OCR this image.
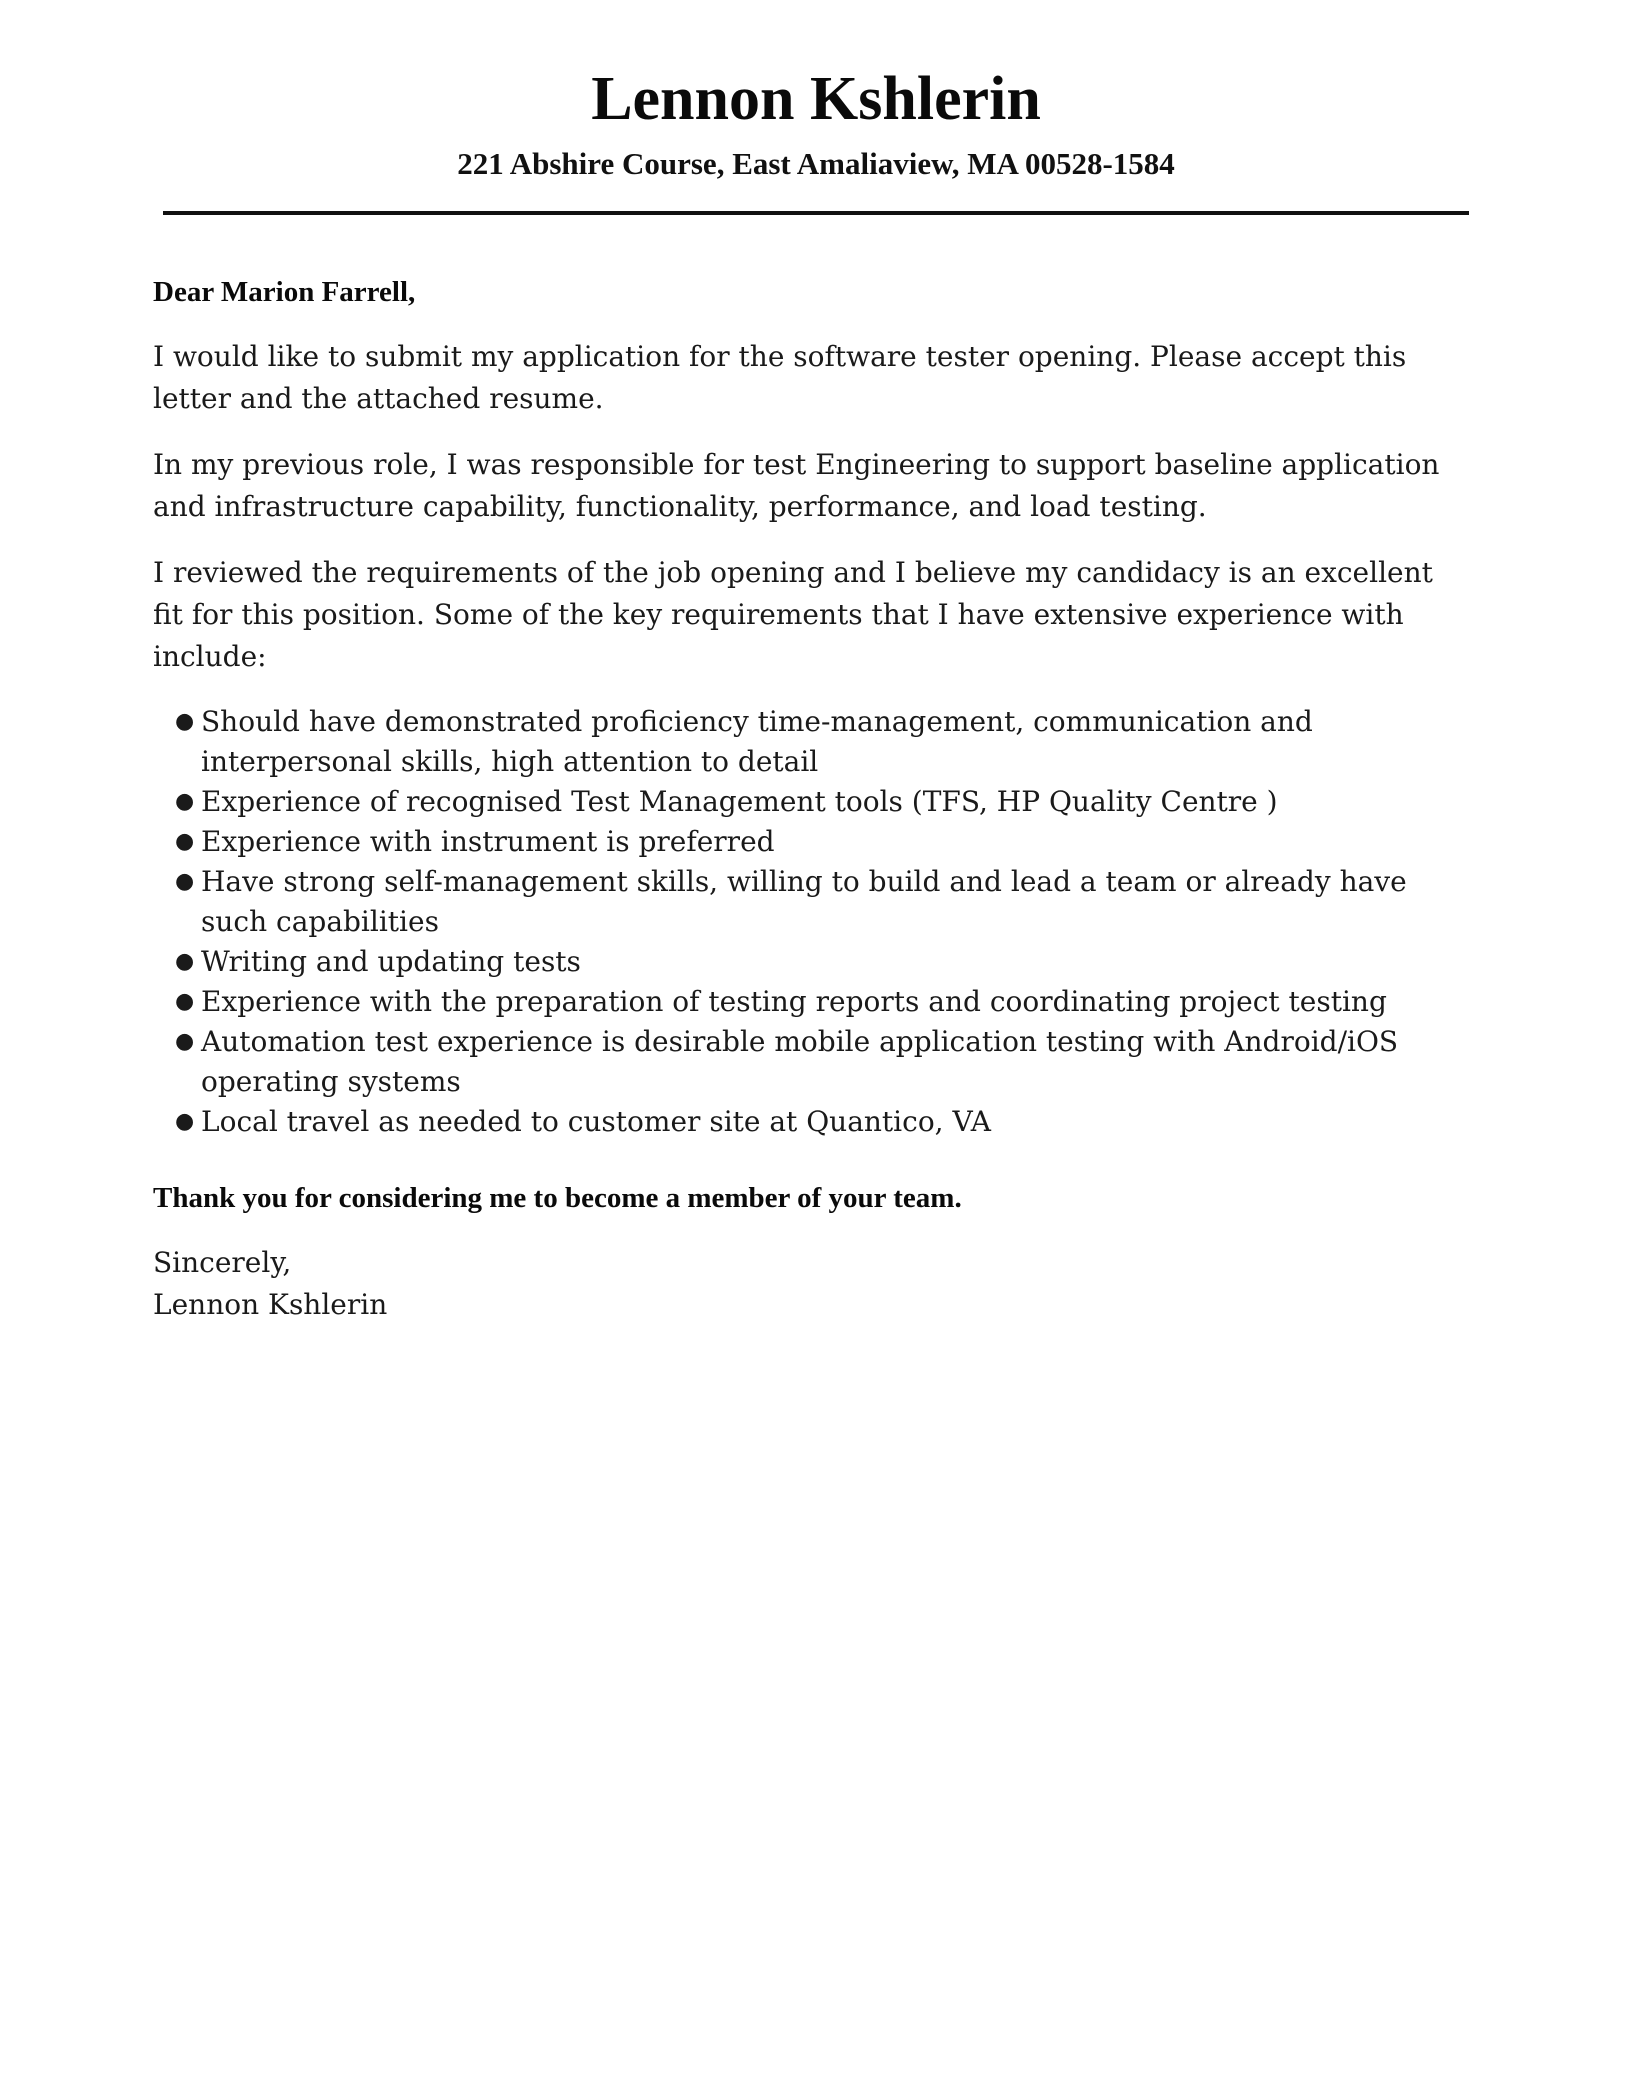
Lennon Kshlerin
221 Abshire Course, East Amaliaview, MA 00528-1584

Dear Marion Farrell,

I would like to submit my application for the software tester opening. Please accept this letter and the attached resume.

In my previous role, I was responsible for test Engineering to support baseline application and infrastructure capability, functionality, performance, and load testing.

I reviewed the requirements of the job opening and I believe my candidacy is an excellent fit for this position. Some of the key requirements that I have extensive experience with include:

● Should have demonstrated proficiency time-management, communication and interpersonal skills, high attention to detail
● Experience of recognised Test Management tools (TFS, HP Quality Centre )
● Experience with instrument is preferred
● Have strong self-management skills, willing to build and lead a team or already have such capabilities
● Writing and updating tests
● Experience with the preparation of testing reports and coordinating project testing
● Automation test experience is desirable mobile application testing with Android/iOS operating systems
● Local travel as needed to customer site at Quantico, VA

Thank you for considering me to become a member of your team.

Sincerely,

Lennon Kshlerin
